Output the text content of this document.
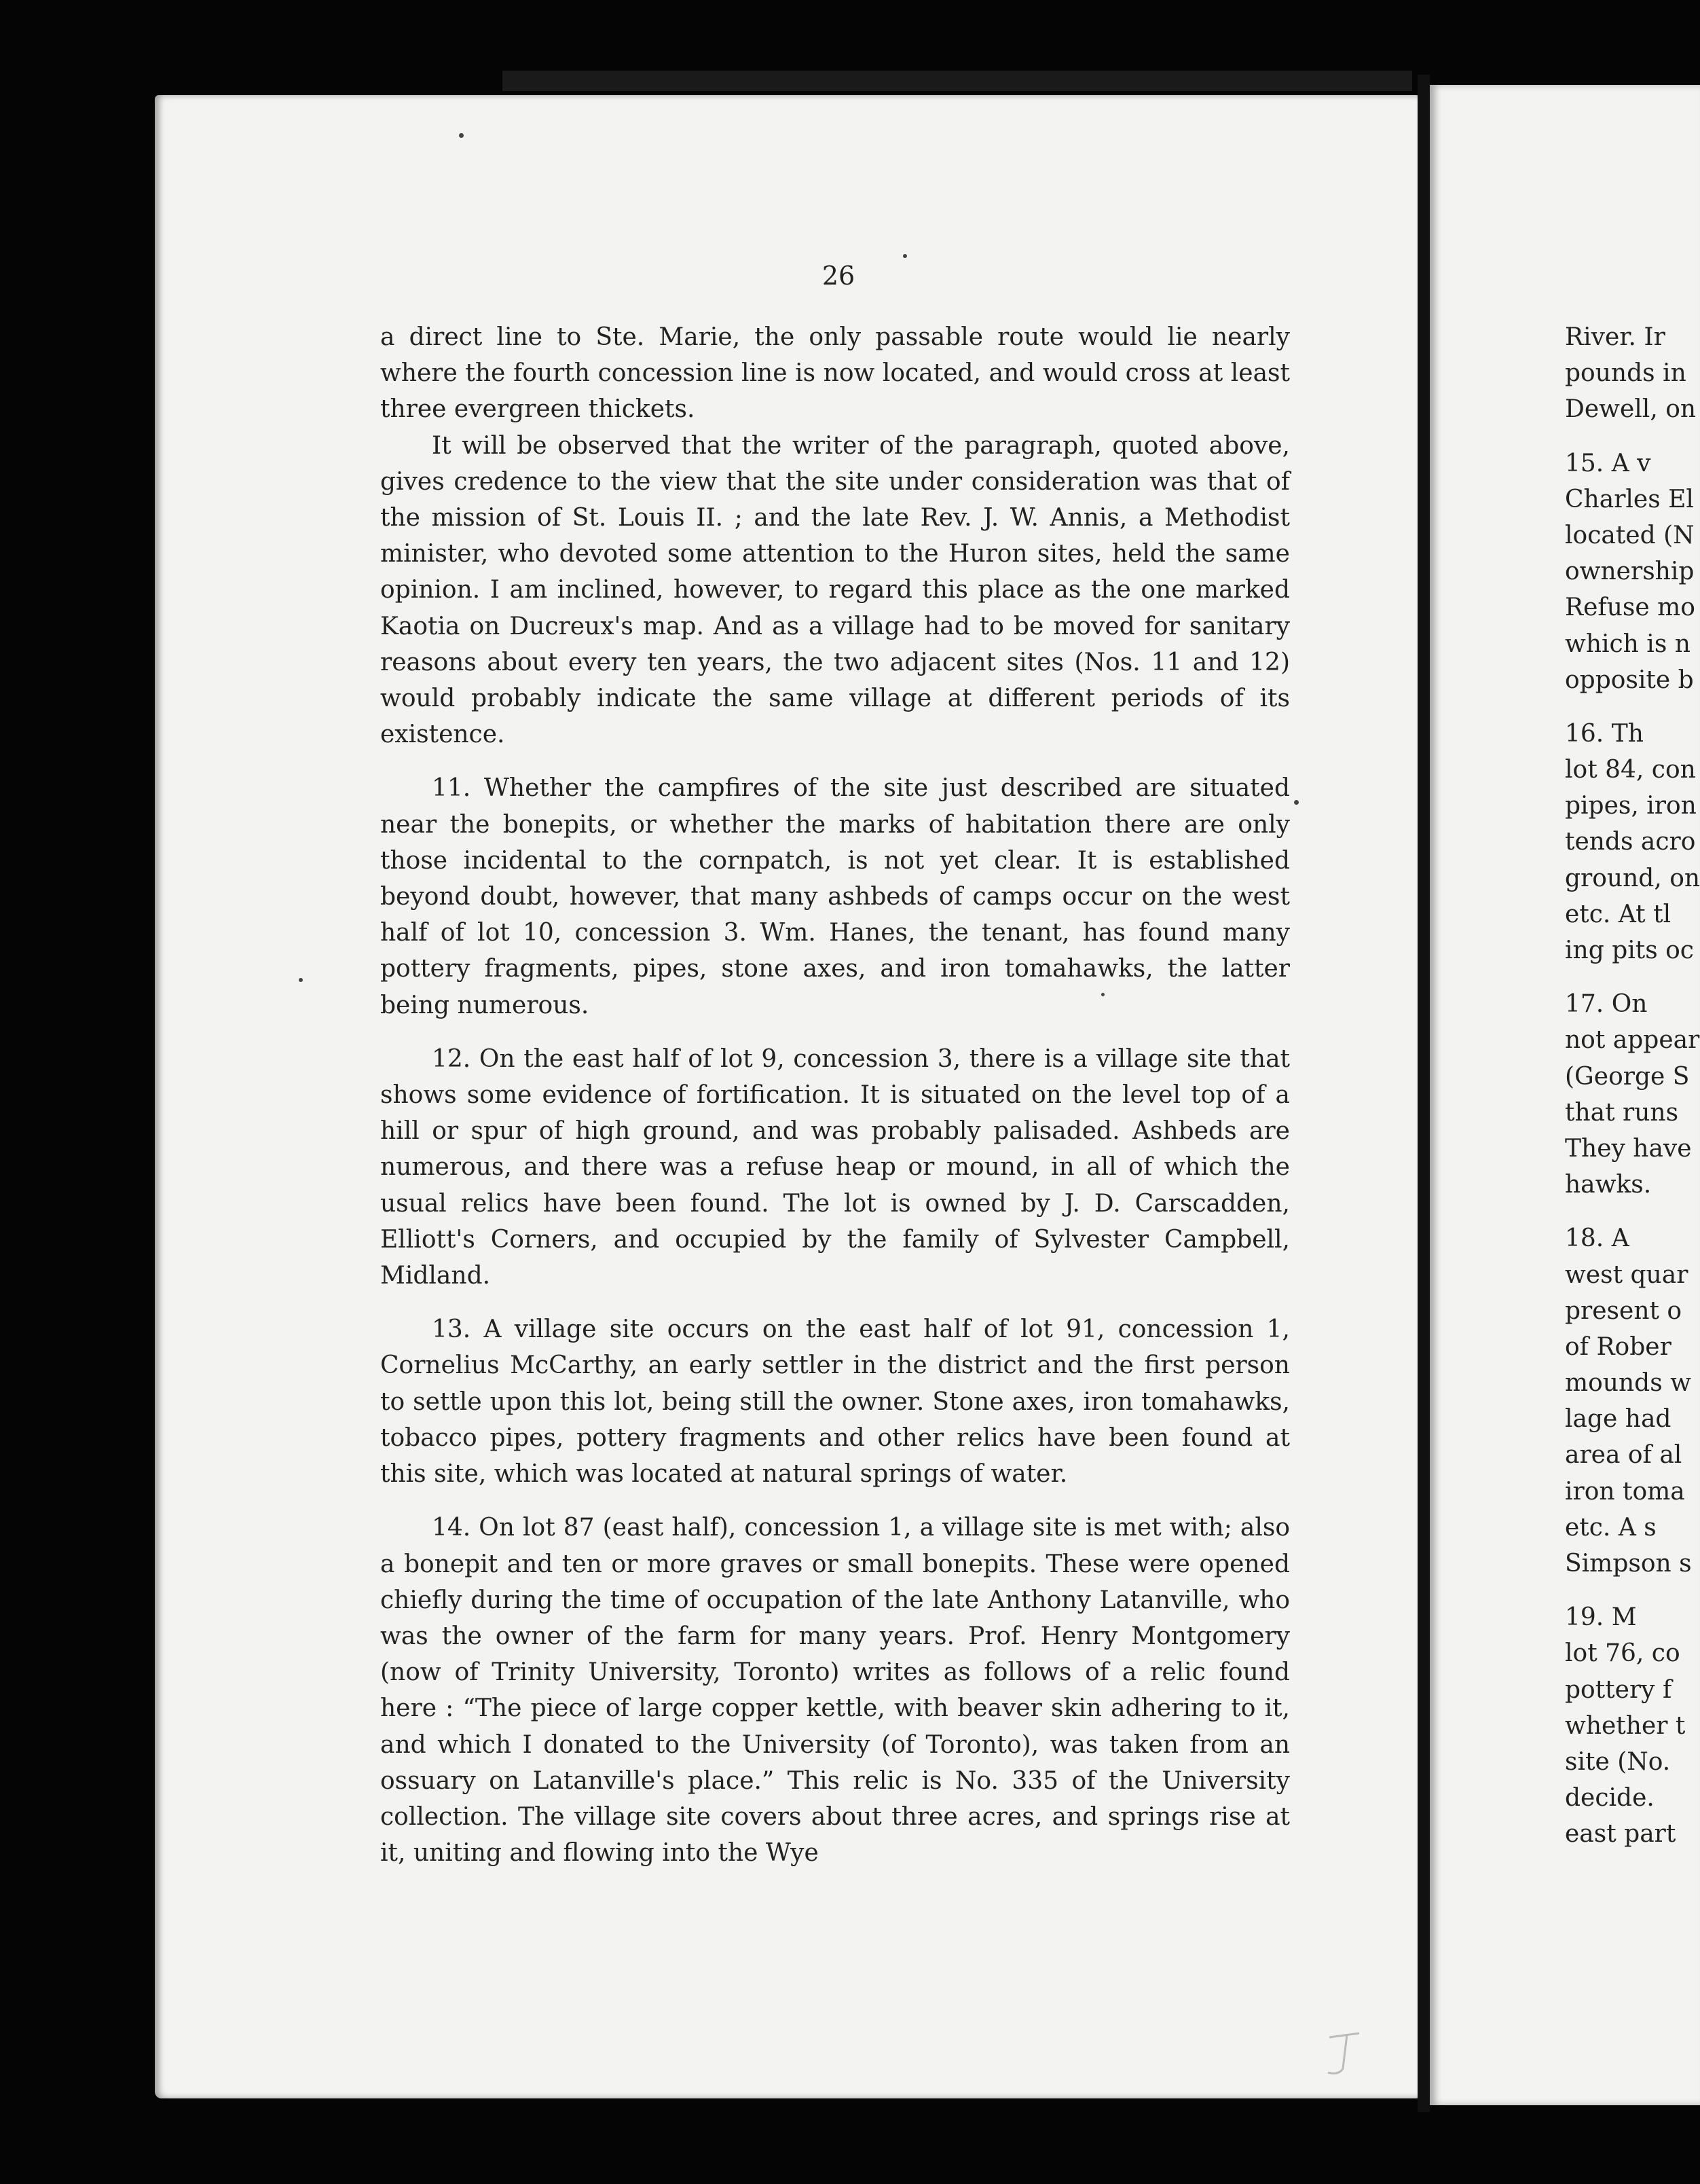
26

a direct line to Ste. Marie, the only passable route would lie nearly where the fourth concession line is now located, and would cross at least three evergreen thickets.

It will be observed that the writer of the paragraph, quoted above, gives credence to the view that the site under consideration was that of the mission of St. Louis II. ; and the late Rev. J. W. Annis, a Methodist minister, who devoted some attention to the Huron sites, held the same opinion. I am inclined, however, to regard this place as the one marked Kaotia on Ducreux's map. And as a village had to be moved for sanitary reasons about every ten years, the two adjacent sites (Nos. 11 and 12) would probably indicate the same village at different periods of its existence.

11. Whether the campfires of the site just described are situated near the bonepits, or whether the marks of habitation there are only those incidental to the cornpatch, is not yet clear. It is established beyond doubt, however, that many ashbeds of camps occur on the west half of lot 10, concession 3. Wm. Hanes, the tenant, has found many pottery fragments, pipes, stone axes, and iron tomahawks, the latter being numerous.

12. On the east half of lot 9, concession 3, there is a village site that shows some evidence of fortification. It is situated on the level top of a hill or spur of high ground, and was probably palisaded. Ashbeds are numerous, and there was a refuse heap or mound, in all of which the usual relics have been found. The lot is owned by J. D. Carscadden, Elliott's Corners, and occupied by the family of Sylvester Campbell, Midland.

13. A village site occurs on the east half of lot 91, concession 1, Cornelius McCarthy, an early settler in the district and the first person to settle upon this lot, being still the owner. Stone axes, iron tomahawks, tobacco pipes, pottery fragments and other relics have been found at this site, which was located at natural springs of water.

14. On lot 87 (east half), concession 1, a village site is met with; also a bonepit and ten or more graves or small bonepits. These were opened chiefly during the time of occupation of the late Anthony Latanville, who was the owner of the farm for many years. Prof. Henry Montgomery (now of Trinity University, Toronto) writes as follows of a relic found here : “The piece of large copper kettle, with beaver skin adhering to it, and which I donated to the University (of Toronto), was taken from an ossuary on Latanville's place.” This relic is No. 335 of the University collection. The village site covers about three acres, and springs rise at it, uniting and flowing into the Wye

River. Ir
pounds in
Dewell, on
15. A v
Charles El
located (N
ownership
Refuse mo
which is n
opposite b
16. Th
lot 84, con
pipes, iron
tends acro
ground, on
etc. At tl
ing pits oc
17. On
not appear
(George S
that runs
They have
hawks.
18. A
west quar
present o
of Rober
mounds w
lage had
area of al
iron toma
etc. A s
Simpson s
19. M
lot 76, co
pottery f
whether t
site (No.
decide.
east part
